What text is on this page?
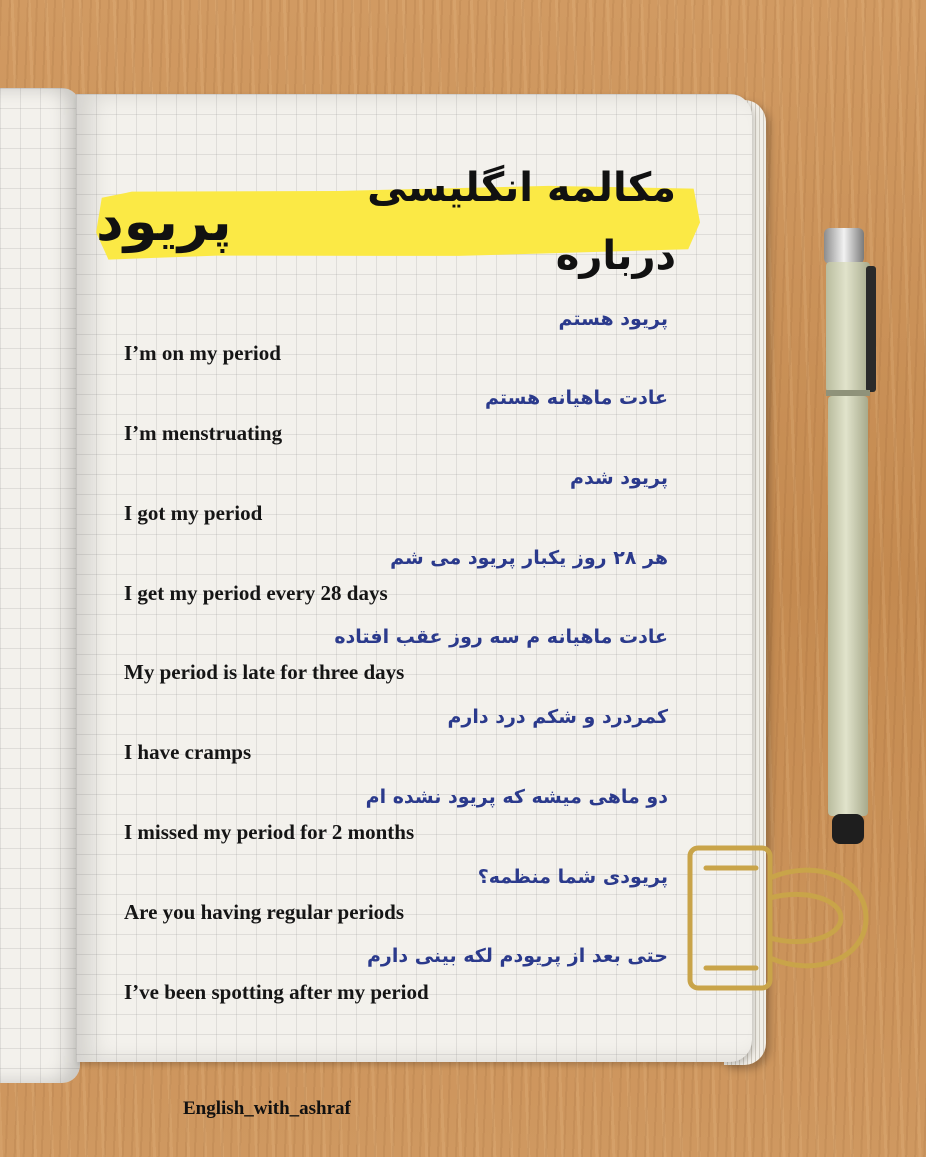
مکالمه انگلیسی درباره
پریود
پریود هستم
I’m on my period
عادت ماهیانه هستم
I’m menstruating
پریود شدم
I got my period
هر ۲۸ روز یکبار پریود می شم
I get my period every 28 days
عادت ماهیانه م سه روز عقب افتاده
My period is late for three days
کمردرد و شکم درد دارم
I have cramps
دو ماهی میشه که پریود نشده ام
I missed my period for 2 months
پریودی شما منظمه؟
Are you having regular periods
حتی بعد از پریودم لکه بینی دارم
I’ve been spotting after my period
English_with_ashraf
